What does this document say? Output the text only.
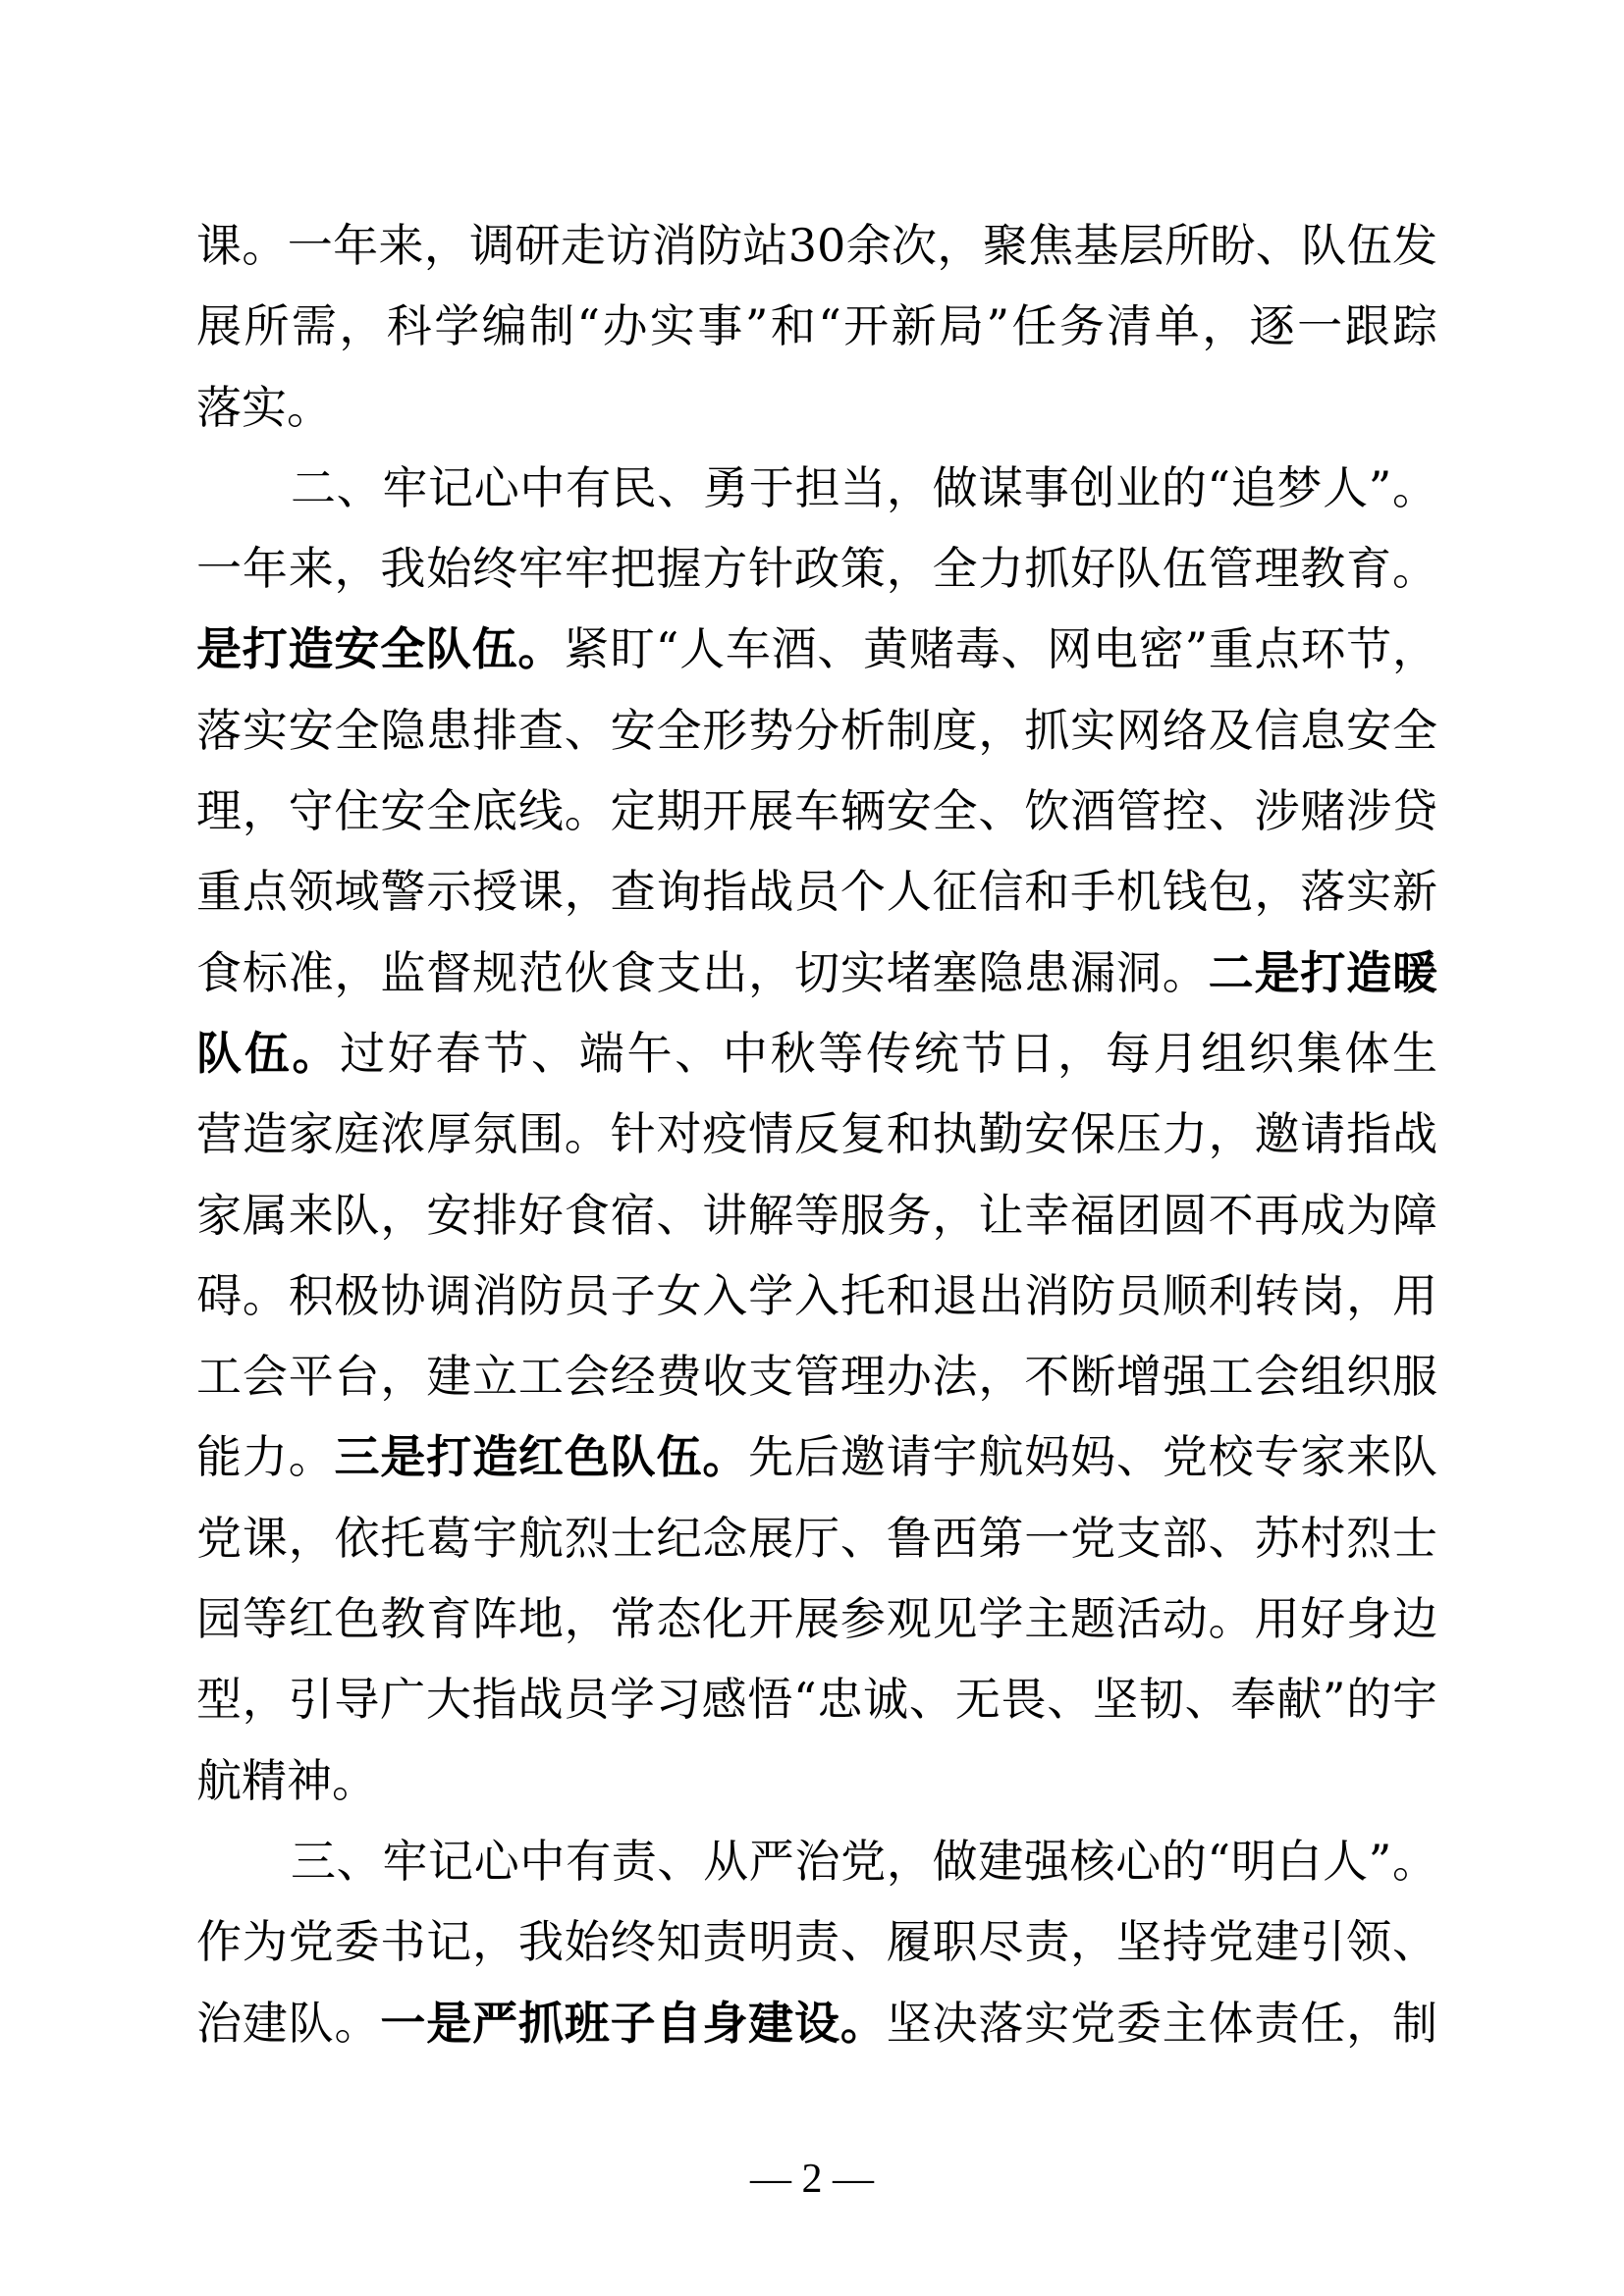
课。一年来，调研走访消防站30余次，聚焦基层所盼、队伍发
展所需，科学编制“办实事”和“开新局”任务清单，逐一跟踪
落实。
二、牢记心中有民、勇于担当，做谋事创业的“追梦人”。
一年来，我始终牢牢把握方针政策，全力抓好队伍管理教育。
是打造安全队伍。紧盯“人车酒、黄赌毒、网电密”重点环节，
落实安全隐患排查、安全形势分析制度，抓实网络及信息安全
理，守住安全底线。定期开展车辆安全、饮酒管控、涉赌涉贷
重点领域警示授课，查询指战员个人征信和手机钱包，落实新
食标准，监督规范伙食支出，切实堵塞隐患漏洞。二是打造暖
队伍。过好春节、端午、中秋等传统节日，每月组织集体生
营造家庭浓厚氛围。针对疫情反复和执勤安保压力，邀请指战
家属来队，安排好食宿、讲解等服务，让幸福团圆不再成为障
碍。积极协调消防员子女入学入托和退出消防员顺利转岗，用
工会平台，建立工会经费收支管理办法，不断增强工会组织服
能力。三是打造红色队伍。先后邀请宇航妈妈、党校专家来队
党课，依托葛宇航烈士纪念展厅、鲁西第一党支部、苏村烈士
园等红色教育阵地，常态化开展参观见学主题活动。用好身边
型，引导广大指战员学习感悟“忠诚、无畏、坚韧、奉献”的宇
航精神。
三、牢记心中有责、从严治党，做建强核心的“明白人”。
作为党委书记，我始终知责明责、履职尽责，坚持党建引领、
治建队。一是严抓班子自身建设。坚决落实党委主体责任，制
— 2 —
